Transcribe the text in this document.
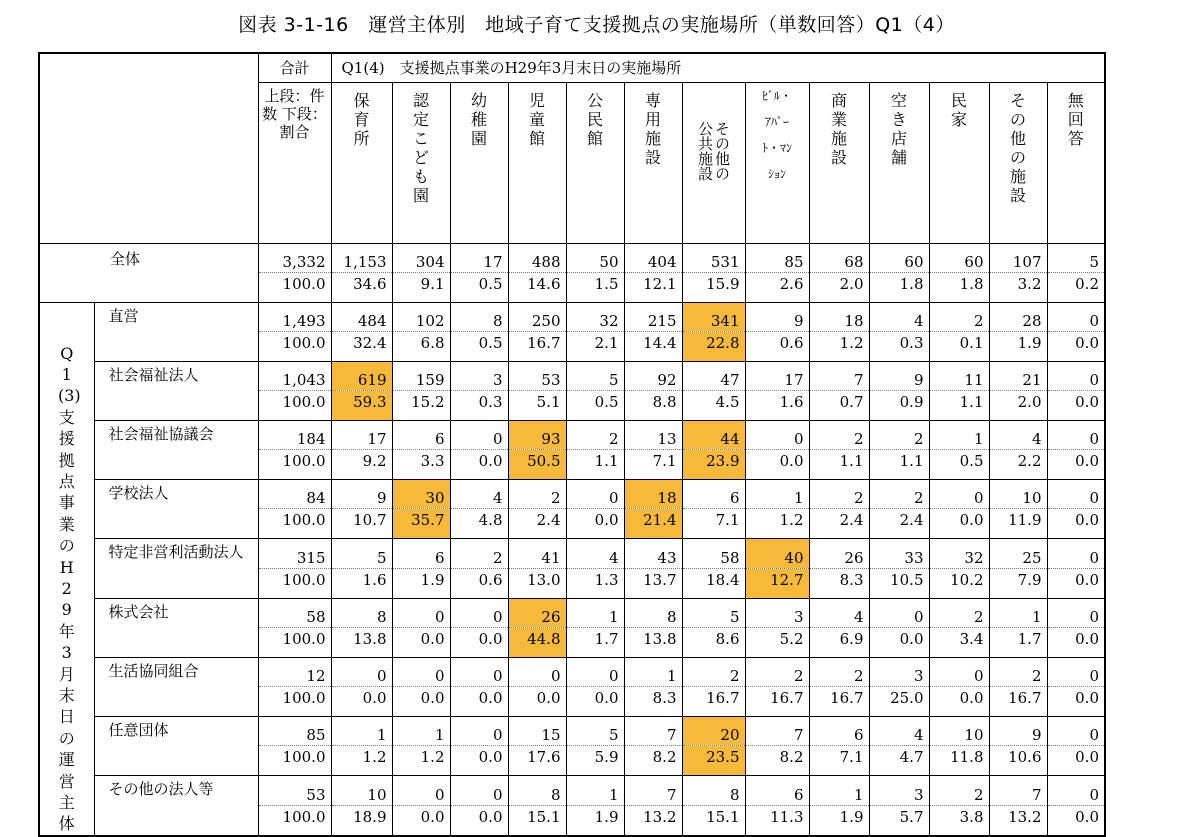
図表 3-1-16　運営主体別　地域子育て支援拠点の実施場所（単数回答）Q1（4）
		合計	Q1(4)　支援拠点事業のH29年3月末日の実施場所												
		上段：件数 下段：割合	保育所	認定こども園	幼稚園	児童館	公民館	専用施設	その他の
公共施設	ﾋﾞﾙ・
ｱﾊﾟｰ
ﾄ・ﾏﾝ
ｼｮﾝ	商業施設	空き店舗	民家	その他の施設	無回答
全体		3,332	1,153	304	17	488	50	404	531	85	68	60	60	107	5
		100.0	34.6	9.1	0.5	14.6	1.5	12.1	15.9	2.6	2.0	1.8	1.8	3.2	0.2
Q1(3)支援拠点事業のH29年3月末日の運営主体	直営	1,493	484	102	8	250	32	215	341	9	18	4	2	28	0
		100.0	32.4	6.8	0.5	16.7	2.1	14.4	22.8	0.6	1.2	0.3	0.1	1.9	0.0
	社会福祉法人	1,043	619	159	3	53	5	92	47	17	7	9	11	21	0
		100.0	59.3	15.2	0.3	5.1	0.5	8.8	4.5	1.6	0.7	0.9	1.1	2.0	0.0
	社会福祉協議会	184	17	6	0	93	2	13	44	0	2	2	1	4	0
		100.0	9.2	3.3	0.0	50.5	1.1	7.1	23.9	0.0	1.1	1.1	0.5	2.2	0.0
	学校法人	84	9	30	4	2	0	18	6	1	2	2	0	10	0
		100.0	10.7	35.7	4.8	2.4	0.0	21.4	7.1	1.2	2.4	2.4	0.0	11.9	0.0
	特定非営利活動法人	315	5	6	2	41	4	43	58	40	26	33	32	25	0
		100.0	1.6	1.9	0.6	13.0	1.3	13.7	18.4	12.7	8.3	10.5	10.2	7.9	0.0
	株式会社	58	8	0	0	26	1	8	5	3	4	0	2	1	0
		100.0	13.8	0.0	0.0	44.8	1.7	13.8	8.6	5.2	6.9	0.0	3.4	1.7	0.0
	生活協同組合	12	0	0	0	0	0	1	2	2	2	3	0	2	0
		100.0	0.0	0.0	0.0	0.0	0.0	8.3	16.7	16.7	16.7	25.0	0.0	16.7	0.0
	任意団体	85	1	1	0	15	5	7	20	7	6	4	10	9	0
		100.0	1.2	1.2	0.0	17.6	5.9	8.2	23.5	8.2	7.1	4.7	11.8	10.6	0.0
	その他の法人等	53	10	0	0	8	1	7	8	6	1	3	2	7	0
		100.0	18.9	0.0	0.0	15.1	1.9	13.2	15.1	11.3	1.9	5.7	3.8	13.2	0.0
